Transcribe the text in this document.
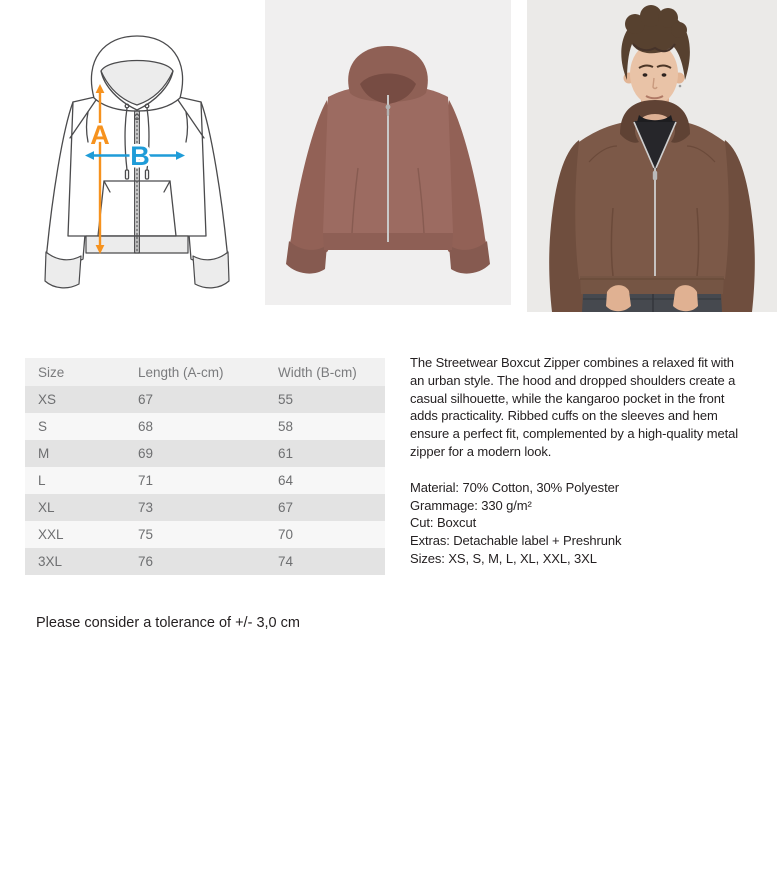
A
B
Size	Length (A-cm)	Width (B-cm)
XS	67	55
S	68	58
M	69	61
L	71	64
XL	73	67
XXL	75	70
3XL	76	74

The Streetwear Boxcut Zipper combines a relaxed fit with an urban style. The hood and dropped shoulders create a casual silhouette, while the kangaroo pocket in the front adds practicality. Ribbed cuffs on the sleeves and hem ensure a perfect fit, complemented by a high-quality metal zipper for a modern look.

Material: 70% Cotton, 30% Polyester
Grammage: 330 g/m²
Cut: Boxcut
Extras: Detachable label + Preshrunk
Sizes: XS, S, M, L, XL, XXL, 3XL
Please consider a tolerance of +/- 3,0 cm
